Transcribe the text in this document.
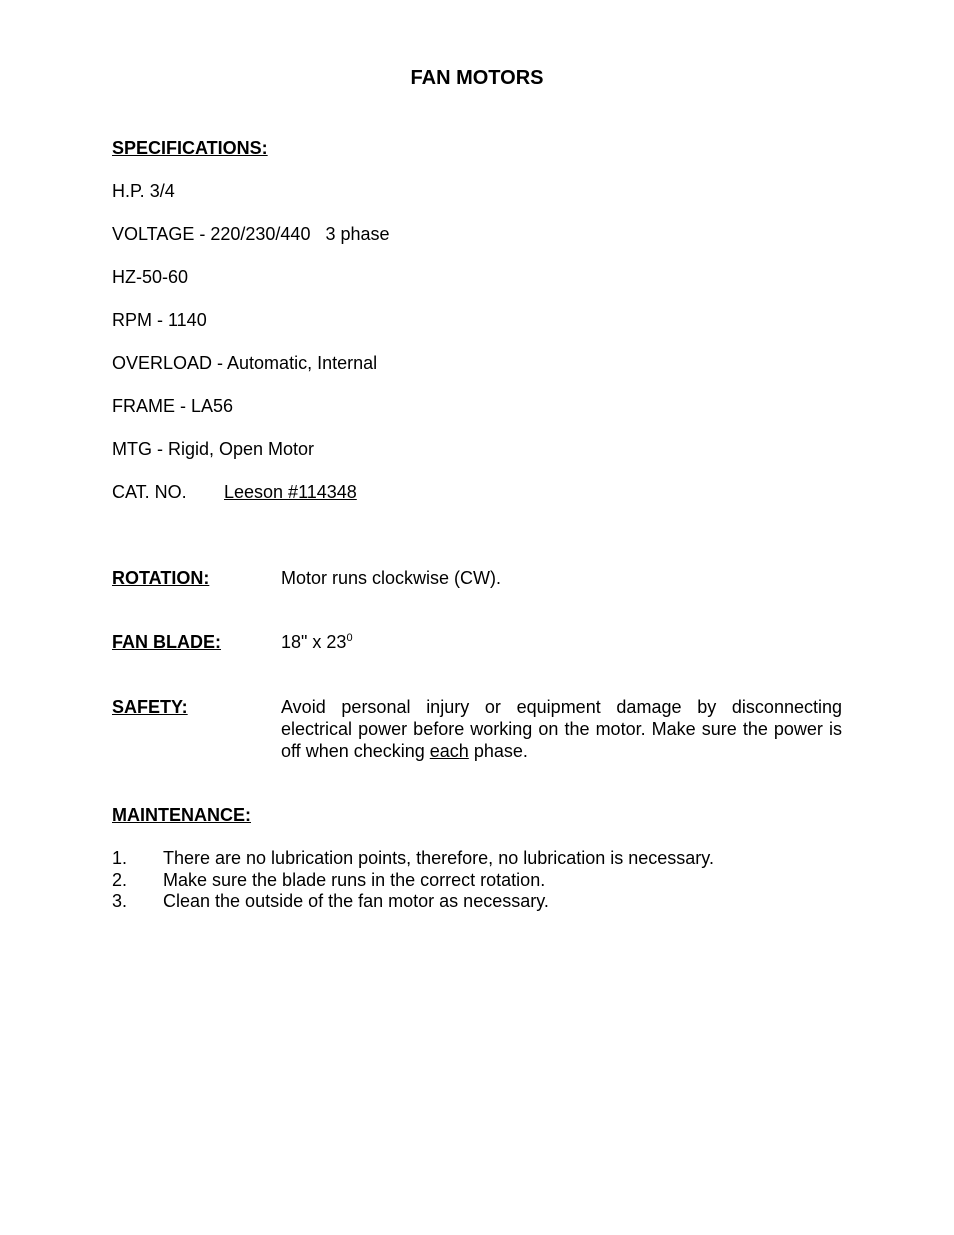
FAN MOTORS
SPECIFICATIONS:
H.P. 3/4
VOLTAGE - 220/230/440   3 phase
HZ-50-60
RPM - 1140
OVERLOAD - Automatic, Internal
FRAME - LA56
MTG - Rigid, Open Motor
CAT. NO. Leeson #114348
ROTATION:	Motor runs clockwise (CW).
FAN BLADE:	18" x $23^0$
SAFETY:	Avoid personal injury or equipment damage by disconnecting electrical power before working on the motor. Make sure the power is off when checking each phase.
MAINTENANCE:
1. There are no lubrication points, therefore, no lubrication is necessary.
2. Make sure the blade runs in the correct rotation.
3. Clean the outside of the fan motor as necessary.
